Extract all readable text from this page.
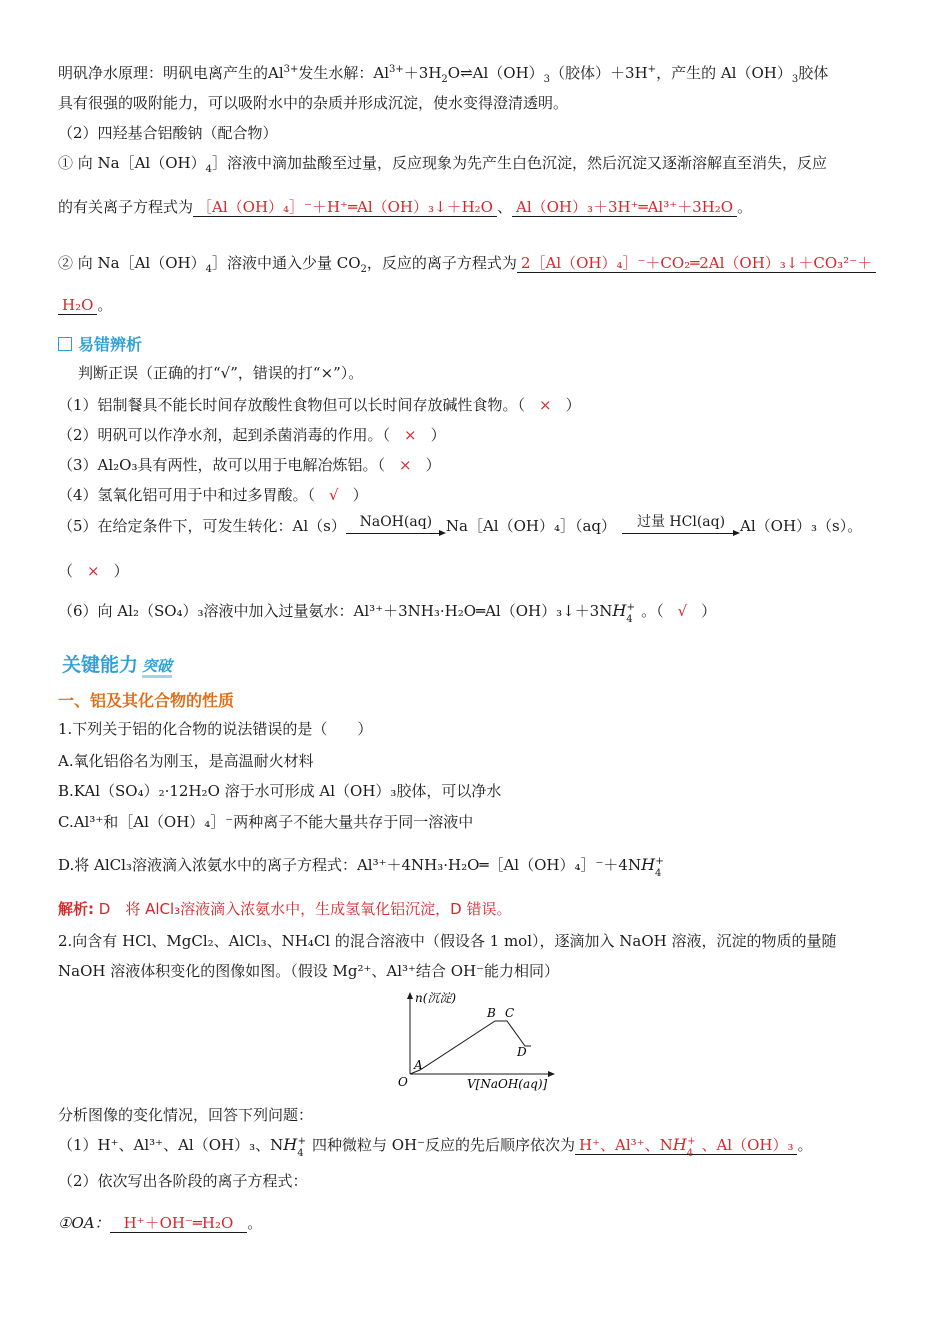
明矾净水原理：明矾电离产生的$Al^{3+}$发生水解：$Al^{3+}+3H_2O\rightleftharpoons Al(OH)_3$（胶体）＋3H+，产生的 $Al(OH)_3$胶体
具有很强的吸附能力，可以吸附水中的杂质并形成沉淀，使水变得澄清透明。
（2）四羟基合铝酸钠（配合物）
① 向 $Na[Al(OH)_4]$溶液中滴加盐酸至过量，反应现象为先产生白色沉淀，然后沉淀又逐渐溶解直至消失，反应
的有关离子方程式为 ［Al（OH）₄］⁻＋H⁺═Al（OH）₃↓＋H₂O 、 Al（OH）₃＋3H⁺═Al³⁺＋3H₂O 。
② 向 $Na[Al(OH)_4]$溶液中通入少量 $CO_2$，反应的离子方程式为 2［Al（OH）₄］⁻＋CO₂═2Al（OH）₃↓＋CO₃²⁻＋
H₂O 。
易错辨析
判断正误（正确的打“√”，错误的打“×”）。
（1）铝制餐具不能长时间存放酸性食物但可以长时间存放碱性食物。（ × ）
（2）明矾可以作净水剂，起到杀菌消毒的作用。（ × ）
（3）Al₂O₃具有两性，故可以用于电解冶炼铝。（ × ）
（4）氢氧化铝可用于中和过多胃酸。（ √ ）
（5）在给定条件下，可发生转化：Al（s） NaOH(aq) Na［Al（OH）₄］（aq）	过量 HCl(aq) Al（OH）₃（s）。
（ × ）
（6）向 Al₂（SO₄）₃溶液中加入过量氨水：$Al^{3+}+3NH_3\cdot H_2O═Al(OH)_3↓+3NH_4^+$ 。（ √ ）
关键能力 突破
一、铝及其化合物的性质
1.下列关于铝的化合物的说法错误的是（　　）
A.氧化铝俗名为刚玉，是高温耐火材料
B.KAl（SO₄）₂·12H₂O 溶于水可形成 Al（OH）₃胶体，可以净水
C.Al³⁺和［Al（OH）₄］⁻两种离子不能大量共存于同一溶液中
D.将 AlCl₃溶液滴入浓氨水中的离子方程式：$Al^{3+}+4NH_3\cdot H_2O═[Al(OH)_4]^-+4NH_4^+$
解析: D　将 AlCl₃溶液滴入浓氨水中，生成氢氧化铝沉淀，D 错误。
2.向含有 HCl、MgCl₂、AlCl₃、NH₄Cl 的混合溶液中（假设各 1 mol），逐滴加入 NaOH 溶液，沉淀的物质的量随
NaOH 溶液体积变化的图像如图。（假设 Mg²⁺、Al³⁺结合 OH⁻能力相同）
n(沉淀)
V[NaOH(aq)]
O
A
B C
D
分析图像的变化情况，回答下列问题：
（1）H⁺、Al³⁺、Al（OH）₃、$NH_4^+$ 四种微粒与 OH⁻反应的先后顺序依次为 H⁺、Al³⁺、$NH_4^+$ 、Al（OH）₃ 。
（2）依次写出各阶段的离子方程式：
①OA： H⁺＋OH⁻═H₂O 。
